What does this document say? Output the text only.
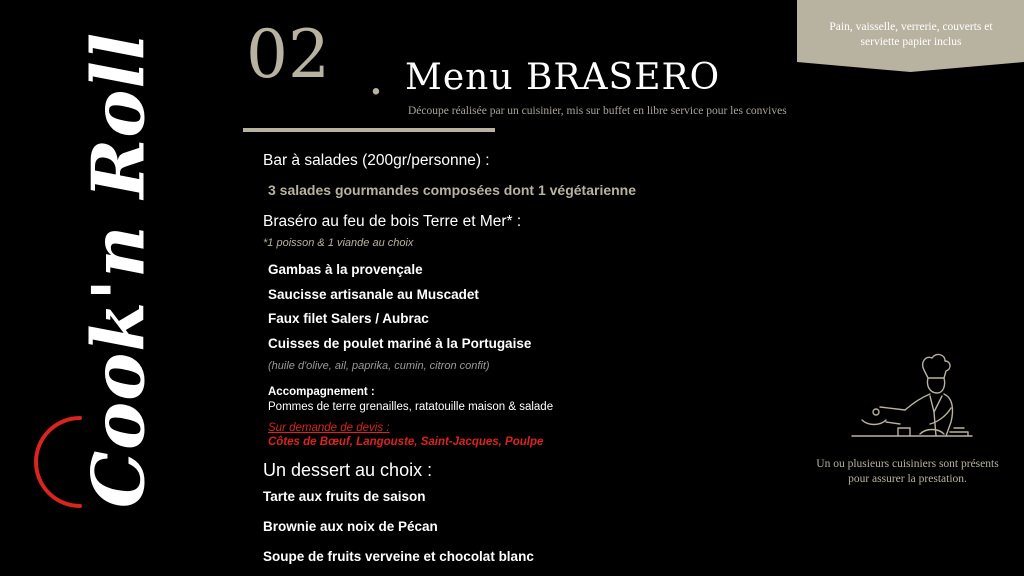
Cook'n Roll 02 . Menu BRASERO
Découpe réalisée par un cuisinier, mis sur buffet en libre service pour les convives
Pain, vaisselle, verrerie, couverts et
serviette papier inclus
Bar à salades (200gr/personne) :
3 salades gourmandes composées dont 1 végétarienne
Braséro au feu de bois Terre et Mer* :
*1 poisson & 1 viande au choix
Gambas à la provençale
Saucisse artisanale au Muscadet
Faux filet Salers / Aubrac
Cuisses de poulet mariné à la Portugaise
(huile d'olive, ail, paprika, cumin, citron confit)
Accompagnement :
Pommes de terre grenailles, ratatouille maison & salade
Sur demande de devis :
Côtes de Bœuf, Langouste, Saint-Jacques, Poulpe
Un dessert au choix :
Tarte aux fruits de saison
Brownie aux noix de Pécan
Soupe de fruits verveine et chocolat blanc
Un ou plusieurs cuisiniers sont présents
pour assurer la prestation.
